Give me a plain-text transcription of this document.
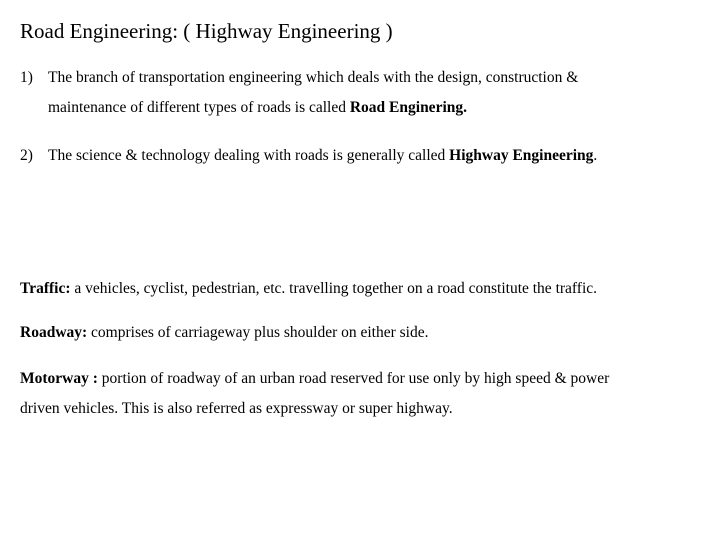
Road Engineering: ( Highway Engineering )
1) The branch of transportation engineering which deals with the design, construction &
maintenance of different types of roads is called Road Enginering.
2) The science & technology dealing with roads is generally called Highway Engineering.
Traffic: a vehicles, cyclist, pedestrian, etc. travelling together on a road constitute the traffic.
Roadway: comprises of carriageway plus shoulder on either side.
Motorway : portion of roadway of an urban road reserved for use only by high speed & power
driven vehicles. This is also referred as expressway or super highway.
